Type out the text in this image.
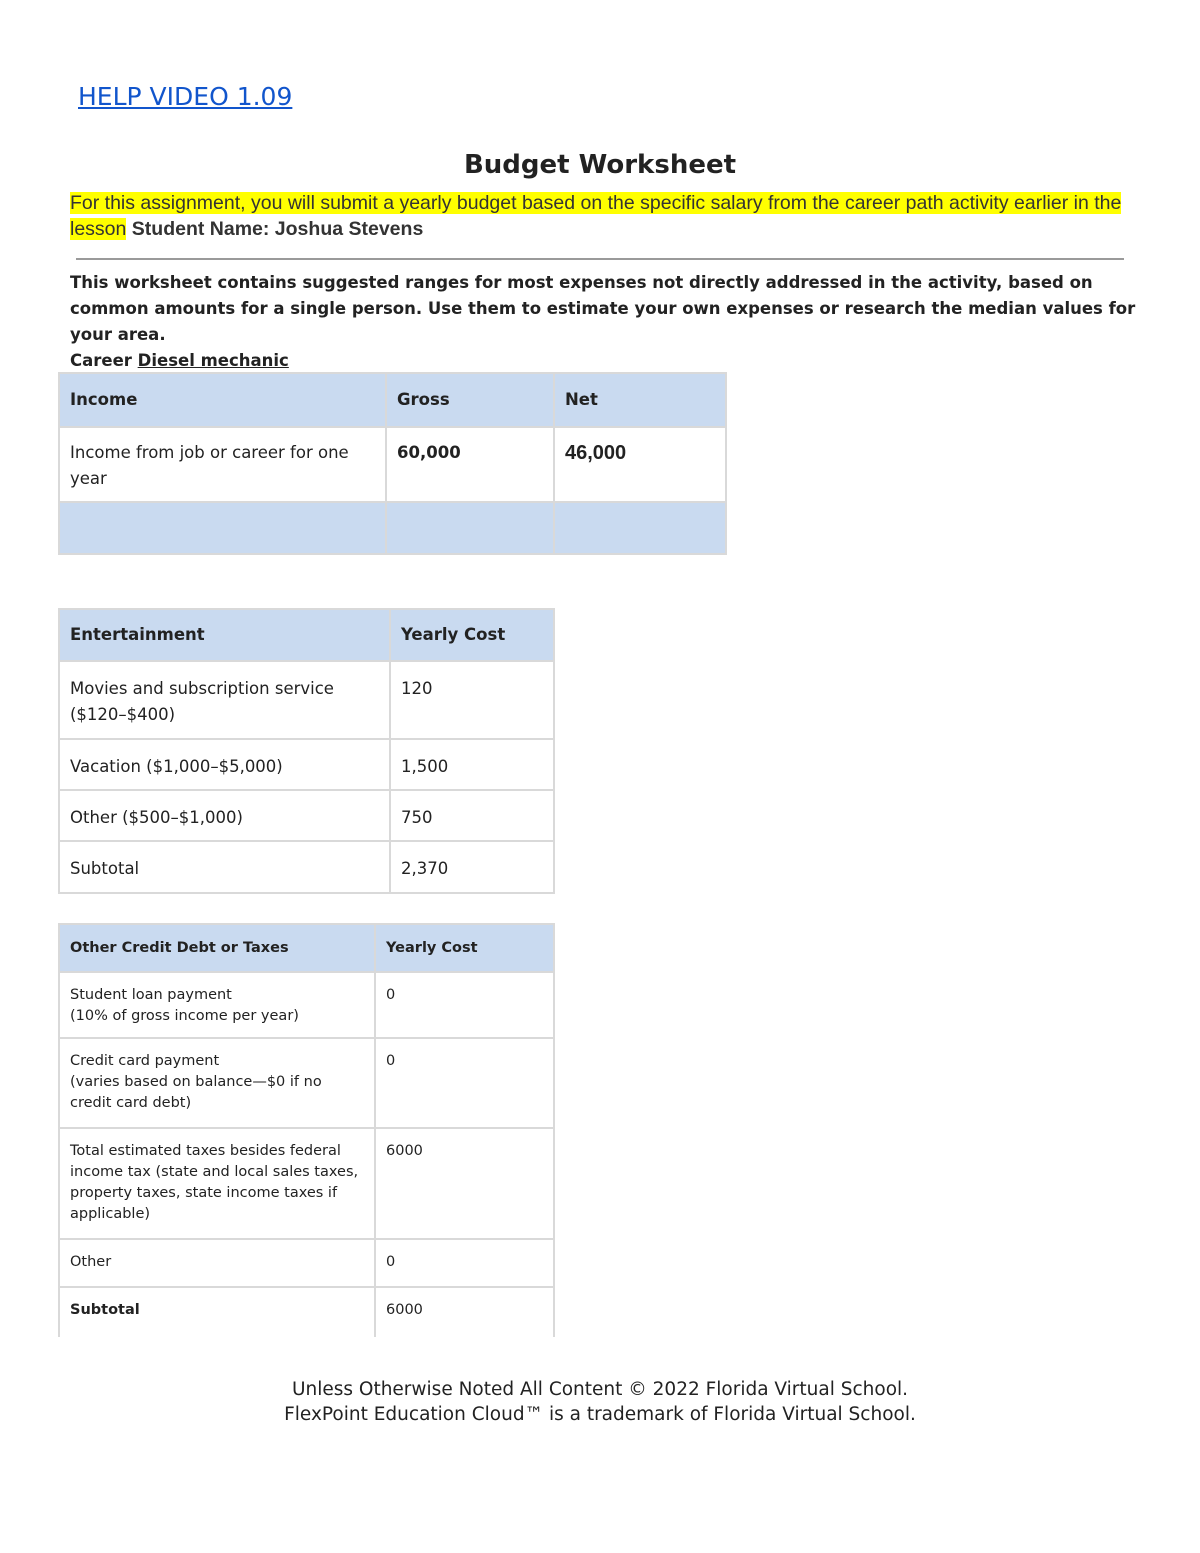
HELP VIDEO 1.09
Budget Worksheet
For this assignment, you will submit a yearly budget based on the specific salary from the career path activity earlier in the lesson Student Name: Joshua Stevens
This worksheet contains suggested ranges for most expenses not directly addressed in the activity, based on common amounts for a single person. Use them to estimate your own expenses or research the median values for your area.
Career Diesel mechanic
Income	Gross	Net
Income from job or career for one year	60,000	46,000

Entertainment	Yearly Cost
Movies and subscription service ($120–$400)	120
Vacation ($1,000–$5,000)	1,500
Other ($500–$1,000)	750
Subtotal	2,370
Other Credit Debt or Taxes	Yearly Cost
Student loan payment
(10% of gross income per year)	0
Credit card payment
(varies based on balance—$0 if no credit card debt)	0
Total estimated taxes besides federal income tax (state and local sales taxes, property taxes, state income taxes if applicable)	6000
Other	0
Subtotal	6000
Unless Otherwise Noted All Content © 2022 Florida Virtual School.
FlexPoint Education Cloud™ is a trademark of Florida Virtual School.
